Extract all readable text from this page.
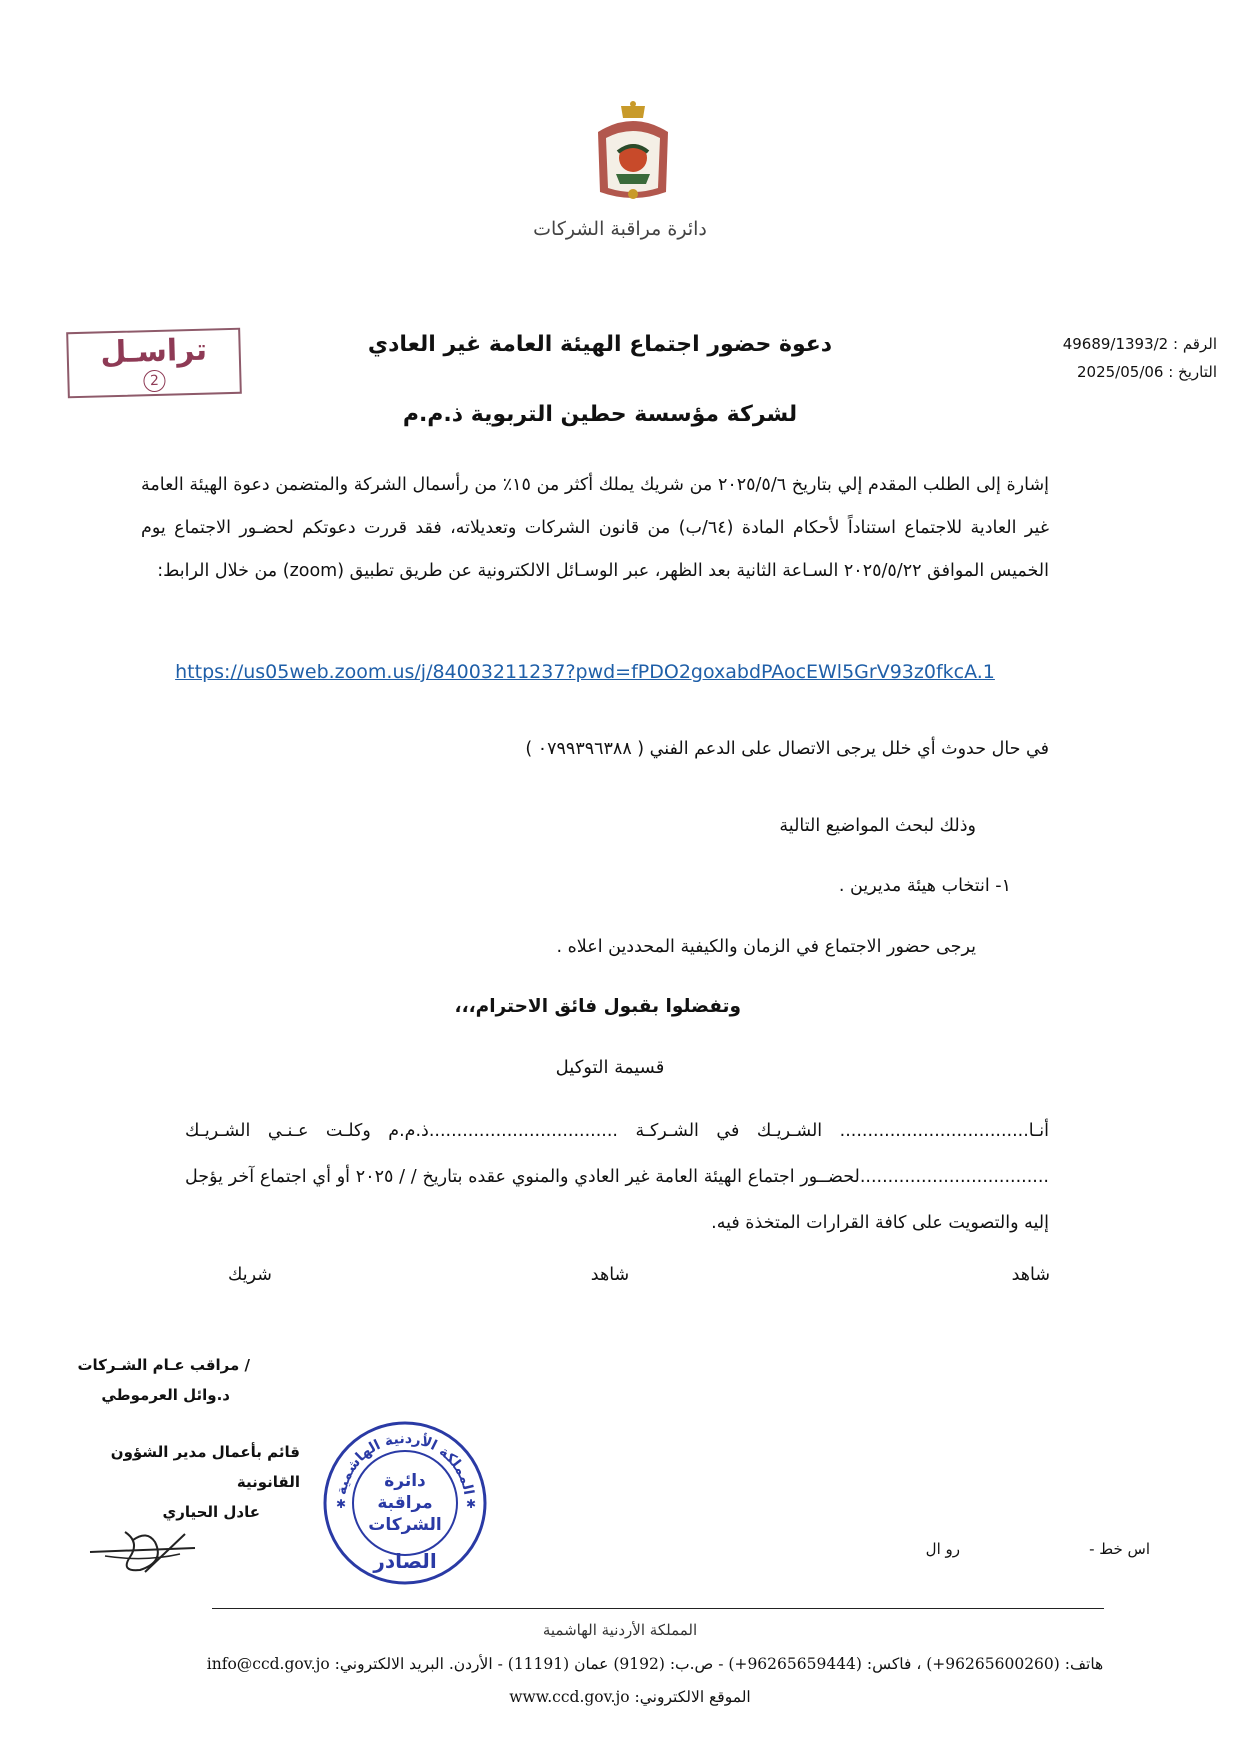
دائرة مراقبة الشركات
الرقم : 49689/1393/2
التاريخ : 2025/05/06
تراسـل
2
دعوة حضور اجتماع الهيئة العامة غير العادي
لشركة مؤسسة حطين التربوية ذ.م.م
إشارة إلى الطلب المقدم إلي بتاريخ ٢٠٢٥/٥/٦ من شريك يملك أكثر من ١٥٪ من رأسمال الشركة والمتضمن دعوة الهيئة العامة غير العادية للاجتماع استناداً لأحكام المادة (٦٤/ب) من قانون الشركات وتعديلاته، فقد قررت دعوتكم لحضـور الاجتماع يوم الخميس الموافق ٢٠٢٥/٥/٢٢ السـاعة الثانية بعد الظهر، عبر الوسـائل الالكترونية عن طريق تطبيق (zoom) من خلال الرابط:
https://us05web.zoom.us/j/84003211237?pwd=fPDO2goxabdPAocEWl5GrV93z0fkcA.1
في حال حدوث أي خلل يرجى الاتصال على الدعم الفني ( ٠٧٩٩٣٩٦٣٨٨ )
وذلك لبحث المواضيع التالية
١- انتخاب هيئة مديرين .
يرجى حضور الاجتماع في الزمان والكيفية المحددين اعلاه .
وتفضلوا بقبول فائق الاحترام،،،
قسيمة التوكيل
أنـا.................................. الشـريـك في الشـركـة ..................................ذ.م.م وكلـت عـنـي الشـريـك ..................................لحضــور اجتماع الهيئة العامة غير العادي والمنوي عقده بتاريخ / / ٢٠٢٥ أو أي اجتماع آخر يؤجل إليه والتصويت على كافة القرارات المتخذة فيه.
شاهد
شاهد
شريك
/ مراقب عـام الشـركات
د.وائل العرموطي
قائم بأعمال مدير الشؤون القانونية
عادل الحياري
المملكة الأردنية الهاشمية
✱	✱
دائرة
مراقبة
الشركات
الصادر	اس خط -
رو ال
المملكة الأردنية الهاشمية
هاتف: (96265600260+) ، فاكس: (96265659444+) - ص.ب: (9192) عمان (11191) - الأردن. البريد الالكتروني: info@ccd.gov.jo
الموقع الالكتروني: www.ccd.gov.jo
